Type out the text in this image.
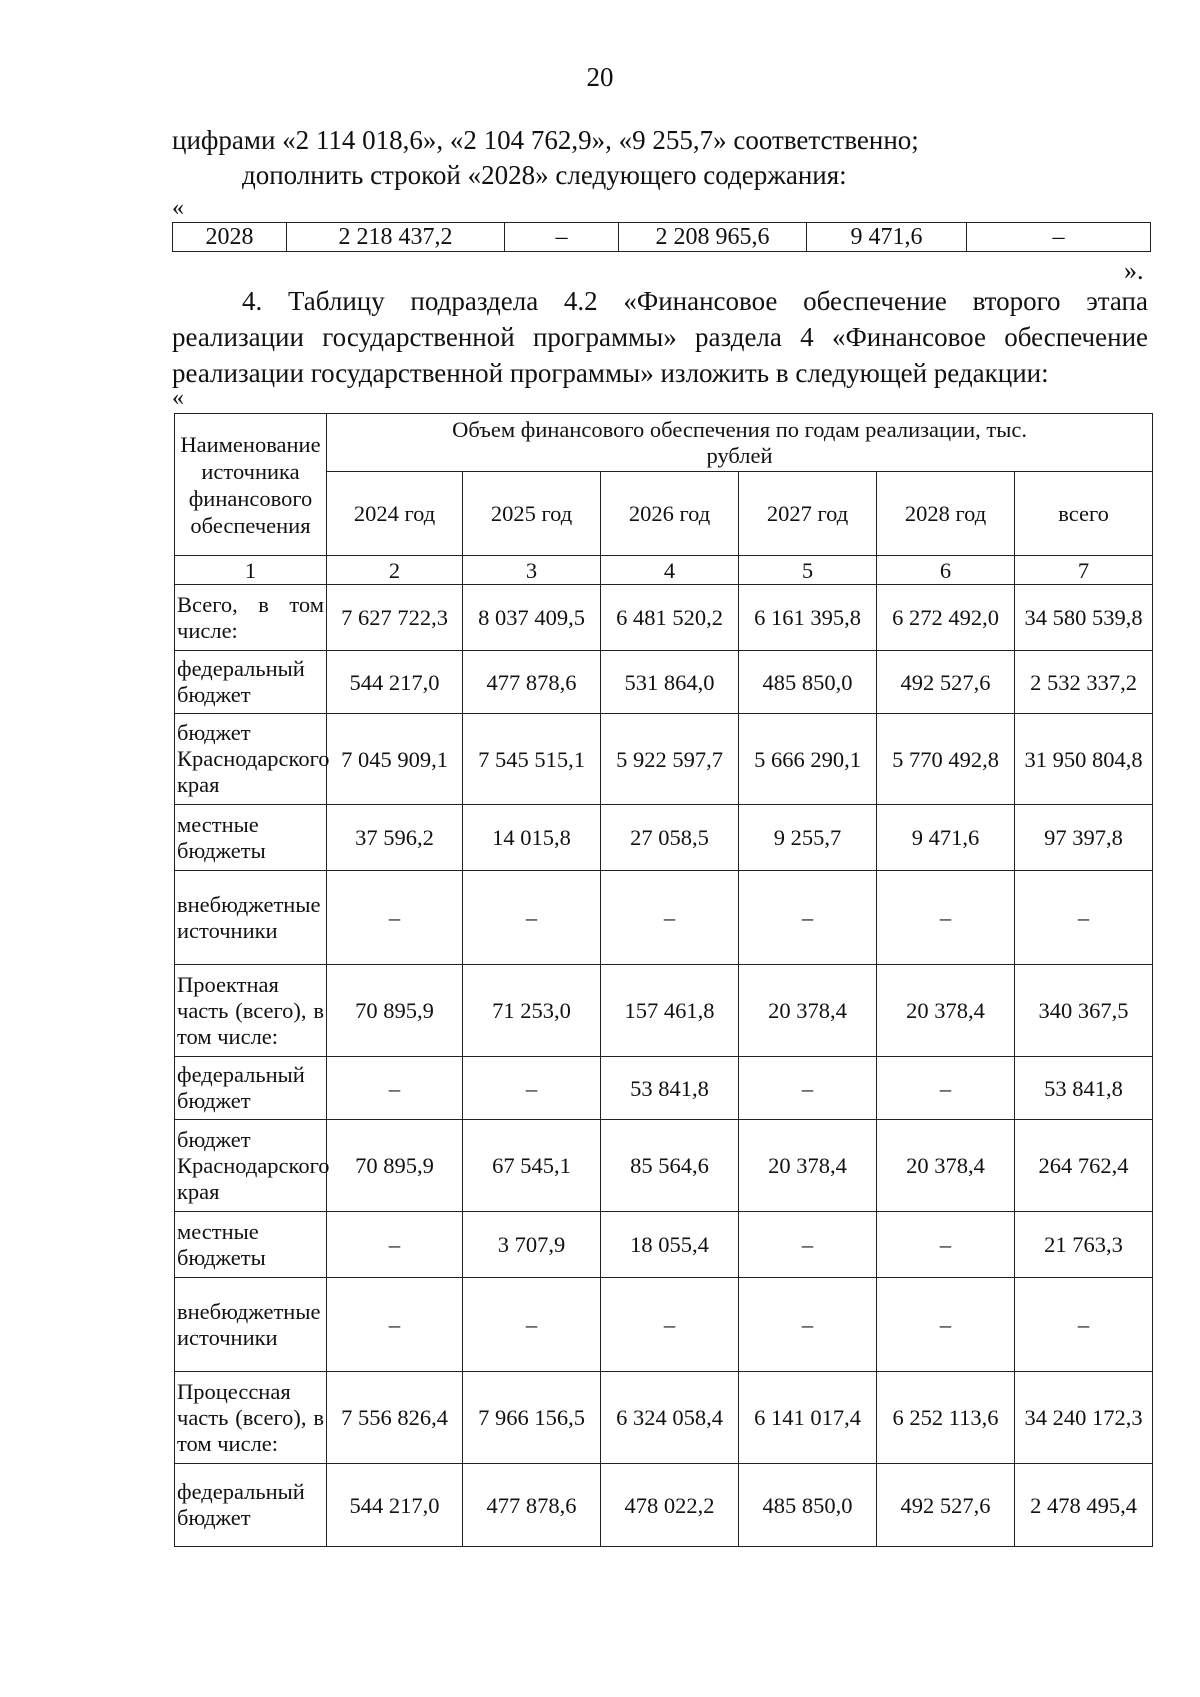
20
цифрами «2 114 018,6», «2 104 762,9», «9 255,7» соответственно;
дополнить строкой «2028» следующего содержания:
«
2028	2 218 437,2	–	2 208 965,6	9 471,6	–
».
4. Таблицу подраздела 4.2 «Финансовое обеспечение второго этапа реализации государственной программы» раздела 4 «Финансовое обеспечение реализации государственной программы» изложить в следующей редакции:
«
Наименование источника финансового обеспечения	Объем финансового обеспечения по годам реализации, тыс. рублей					
	2024 год	2025 год	2026 год	2027 год	2028 год	всего
1	2	3	4	5	6	7
Всего, в том числе:	7 627 722,3	8 037 409,5	6 481 520,2	6 161 395,8	6 272 492,0	34 580 539,8
федеральный бюджет	544 217,0	477 878,6	531 864,0	485 850,0	492 527,6	2 532 337,2
бюджет Краснодарского края	7 045 909,1	7 545 515,1	5 922 597,7	5 666 290,1	5 770 492,8	31 950 804,8
местные бюджеты	37 596,2	14 015,8	27 058,5	9 255,7	9 471,6	97 397,8
внебюджетные источники	–	–	–	–	–	–
Проектная часть (всего), в том числе:	70 895,9	71 253,0	157 461,8	20 378,4	20 378,4	340 367,5
федеральный бюджет	–	–	53 841,8	–	–	53 841,8
бюджет Краснодарского края	70 895,9	67 545,1	85 564,6	20 378,4	20 378,4	264 762,4
местные бюджеты	–	3 707,9	18 055,4	–	–	21 763,3
внебюджетные источники	–	–	–	–	–	–
Процессная часть (всего), в том числе:	7 556 826,4	7 966 156,5	6 324 058,4	6 141 017,4	6 252 113,6	34 240 172,3
федеральный бюджет	544 217,0	477 878,6	478 022,2	485 850,0	492 527,6	2 478 495,4
